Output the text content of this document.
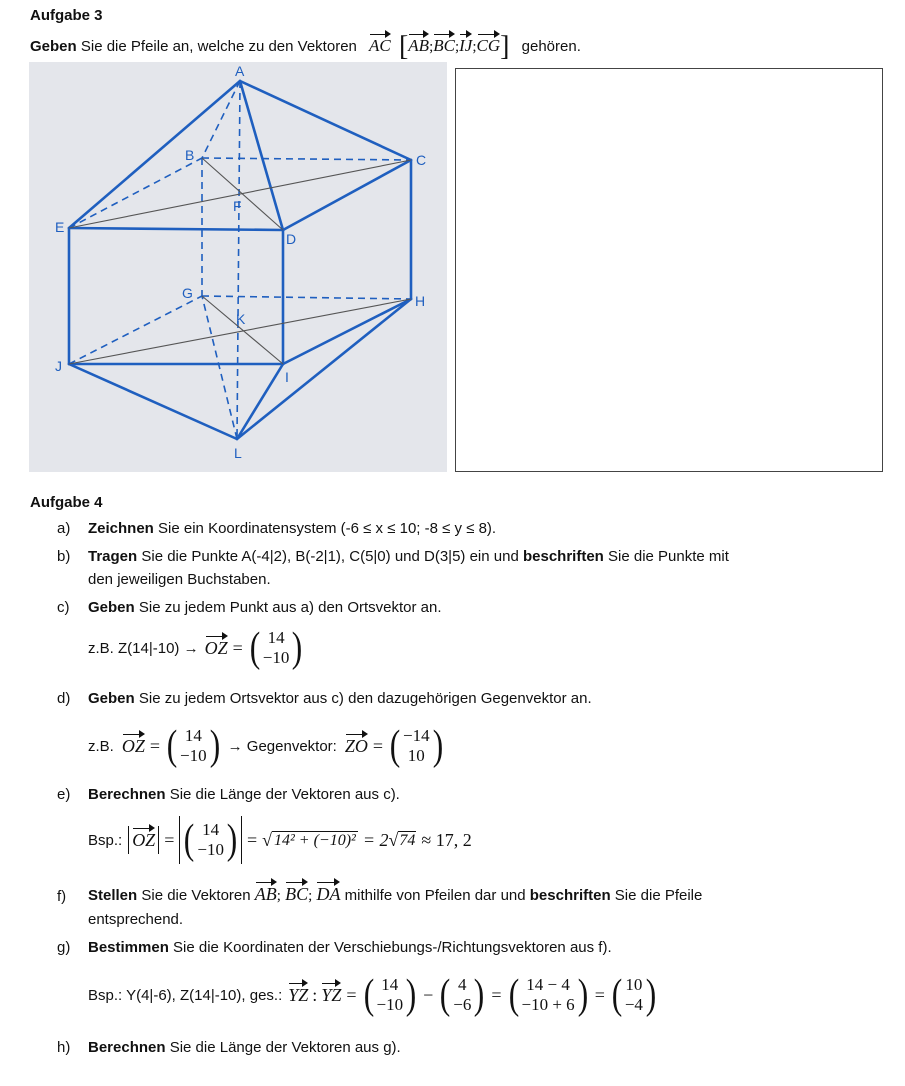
Aufgabe 3
Geben Sie die Pfeile an, welche zu den Vektoren AC [AB;BC;IJ;CG] gehören.
A
B	C
D
E
F
G	H
I
J
K
L
Aufgabe 4
a) Zeichnen Sie ein Koordinatensystem (-6 ≤ x ≤ 10; -8 ≤ y ≤ 8).
b) Tragen Sie die Punkte A(-4|2), B(-2|1), C(5|0) und D(3|5) ein und beschriften Sie die Punkte mit
den jeweiligen Buchstaben.
c) Geben Sie zu jedem Punkt aus a) den Ortsvektor an.
z.B. Z(14|-10) → OZ = ( 14
−10 )
d) Geben Sie zu jedem Ortsvektor aus c) den dazugehörigen Gegenvektor an.
z.B. OZ = ( 14
−10 ) → Gegenvektor: ZO = ( −14
10 )
e) Berechnen Sie die Länge der Vektoren aus c).
Bsp.: OZ = ( 14
−10 ) = √ 14² + (−10)² = 2 √ 74 ≈ 17, 2
f) Stellen Sie die Vektoren AB; BC; DA mithilfe von Pfeilen dar und beschriften Sie die Pfeile
entsprechend.
g) Bestimmen Sie die Koordinaten der Verschiebungs-/Richtungsvektoren aus f).
Bsp.: Y(4|-6), Z(14|-10), ges.: YZ : YZ = ( 14
−10 ) − ( 4
−6 ) = ( 14 − 4
−10 + 6 ) = ( 10
−4 )
h) Berechnen Sie die Länge der Vektoren aus g).
